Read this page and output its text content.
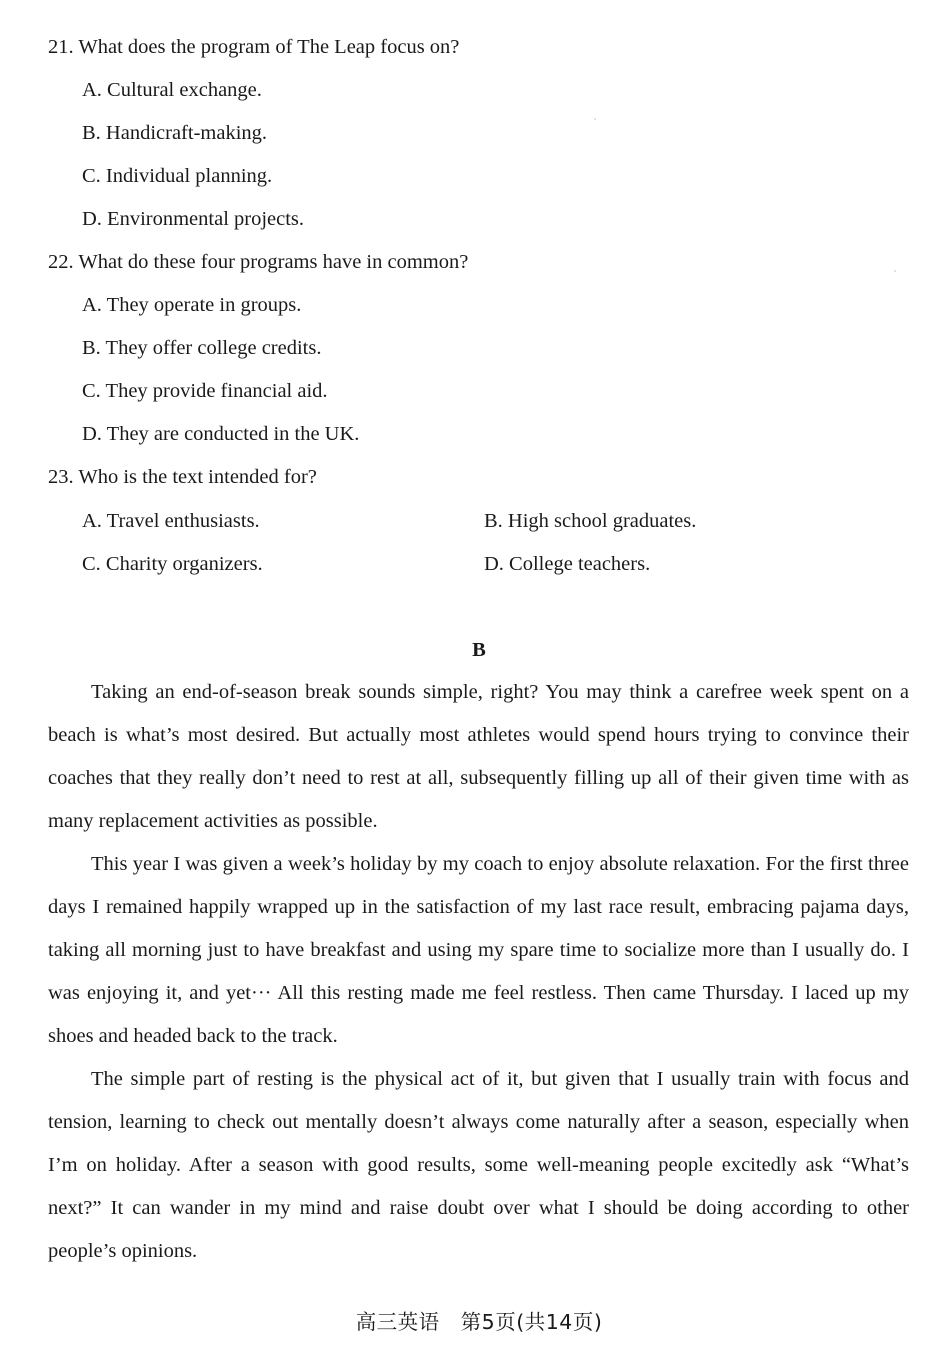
21. What does the program of The Leap focus on?
A. Cultural exchange.
B. Handicraft-making.
C. Individual planning.
D. Environmental projects.
22. What do these four programs have in common?
A. They operate in groups.
B. They offer college credits.
C. They provide financial aid.
D. They are conducted in the UK.
23. Who is the text intended for?
A. Travel enthusiasts.	B. High school graduates.
C. Charity organizers.	D. College teachers.
B
Taking an end-of-season break sounds simple, right? You may think a carefree week spent on a beach is what’s most desired. But actually most athletes would spend hours trying to convince their coaches that they really don’t need to rest at all, subsequently filling up all of their given time with as many replacement activities as possible.
This year I was given a week’s holiday by my coach to enjoy absolute relaxation. For the first three days I remained happily wrapped up in the satisfaction of my last race result, embracing pajama days, taking all morning just to have breakfast and using my spare time to socialize more than I usually do. I was enjoying it, and yet··· All this resting made me feel restless. Then came Thursday. I laced up my shoes and headed back to the track.
The simple part of resting is the physical act of it, but given that I usually train with focus and tension, learning to check out mentally doesn’t always come naturally after a season, especially when I’m on holiday. After a season with good results, some well-meaning people excitedly ask “What’s next?” It can wander in my mind and raise doubt over what I should be doing according to other people’s opinions.
高三英语　第5页(共14页)
